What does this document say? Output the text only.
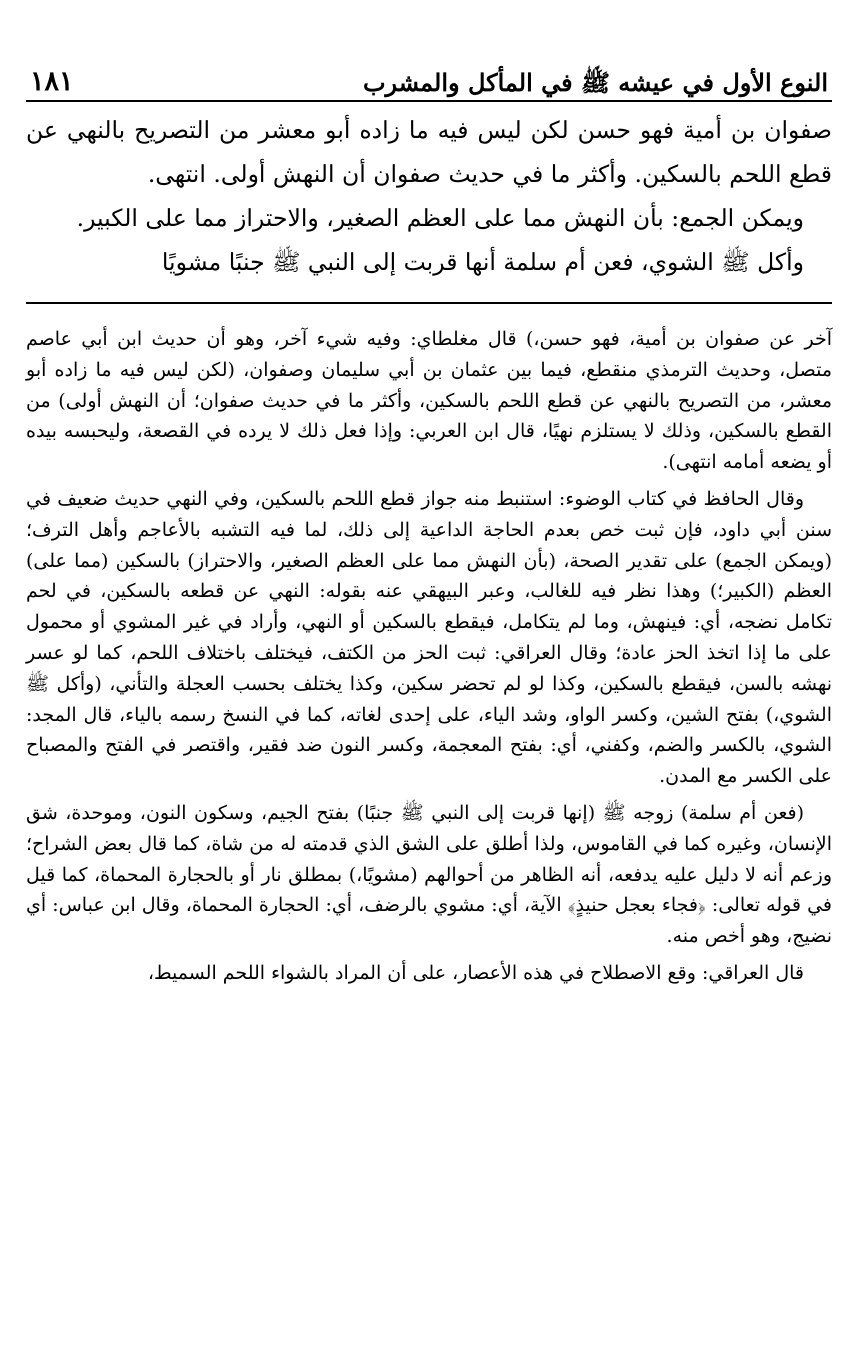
النوع الأول في عيشه ﷺ في المأكل والمشرب
١٨١

صفوان بن أمية فهو حسن لكن ليس فيه ما زاده أبو معشر من التصريح بالنهي عن قطع اللحم بالسكين. وأكثر ما في حديث صفوان أن النهش أولى. انتهى.

ويمكن الجمع: بأن النهش مما على العظم الصغير، والاحتراز مما على الكبير.

وأكل ﷺ الشوي، فعن أم سلمة أنها قربت إلى النبي ﷺ جنبًا مشويًا

آخر عن صفوان بن أمية، فهو حسن،) قال مغلطاي: وفيه شيء آخر، وهو أن حديث ابن أبي عاصم متصل، وحديث الترمذي منقطع، فيما بين عثمان بن أبي سليمان وصفوان، (لكن ليس فيه ما زاده أبو معشر، من التصريح بالنهي عن قطع اللحم بالسكين، وأكثر ما في حديث صفوان؛ أن النهش أولى) من القطع بالسكين، وذلك لا يستلزم نهيًا، قال ابن العربي: وإذا فعل ذلك لا يرده في القصعة، وليحبسه بيده أو يضعه أمامه انتهى).

وقال الحافظ في كتاب الوضوء: استنبط منه جواز قطع اللحم بالسكين، وفي النهي حديث ضعيف في سنن أبي داود، فإن ثبت خص بعدم الحاجة الداعية إلى ذلك، لما فيه التشبه بالأعاجم وأهل الترف؛ (ويمكن الجمع) على تقدير الصحة، (بأن النهش مما على العظم الصغير، والاحتراز) بالسكين (مما على) العظم (الكبير؛) وهذا نظر فيه للغالب، وعبر البيهقي عنه بقوله: النهي عن قطعه بالسكين، في لحم تكامل نضجه، أي: فينهش، وما لم يتكامل، فيقطع بالسكين أو النهي، وأراد في غير المشوي أو محمول على ما إذا اتخذ الحز عادة؛ وقال العراقي: ثبت الحز من الكتف، فيختلف باختلاف اللحم، كما لو عسر نهشه بالسن، فيقطع بالسكين، وكذا لو لم تحضر سكين، وكذا يختلف بحسب العجلة والتأني، (وأكل ﷺ الشوي،) بفتح الشين، وكسر الواو، وشد الياء، على إحدى لغاته، كما في النسخ رسمه بالياء، قال المجد: الشوي، بالكسر والضم، وكفني، أي: بفتح المعجمة، وكسر النون ضد فقير، واقتصر في الفتح والمصباح على الكسر مع المدن.

(فعن أم سلمة) زوجه ﷺ (إنها قربت إلى النبي ﷺ جنبًا) بفتح الجيم، وسكون النون، وموحدة، شق الإنسان، وغيره كما في القاموس، ولذا أطلق على الشق الذي قدمته له من شاة، كما قال بعض الشراح؛ وزعم أنه لا دليل عليه يدفعه، أنه الظاهر من أحوالهم (مشويًا،) بمطلق نار أو بالحجارة المحماة، كما قيل في قوله تعالى: ﴿فجاء بعجل حنيذٍ﴾ الآية، أي: مشوي بالرضف، أي: الحجارة المحماة، وقال ابن عباس: أي نضيج، وهو أخص منه.

قال العراقي: وقع الاصطلاح في هذه الأعصار، على أن المراد بالشواء اللحم السميط،
